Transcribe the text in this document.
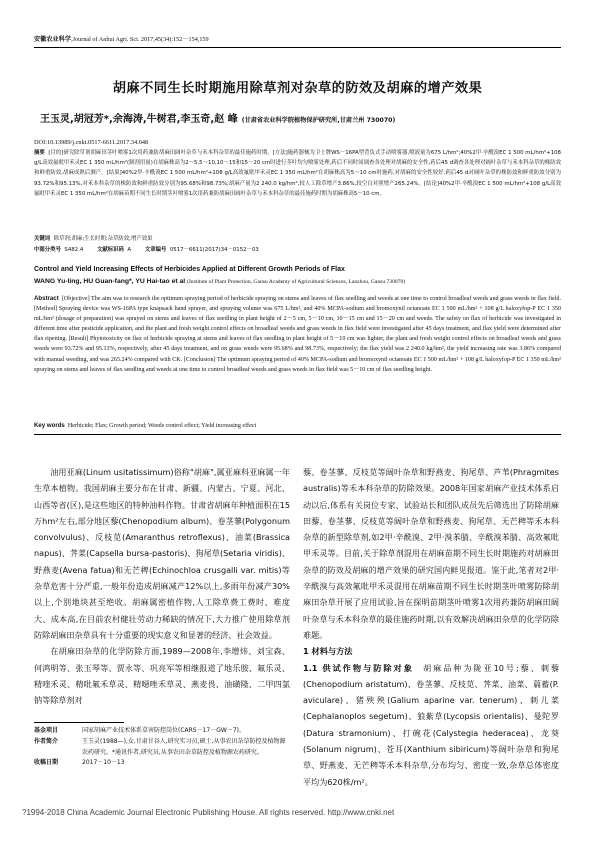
安徽农业科学,Journal of Anhui Agri. Sci. 2017,45(34):152－154,159
胡麻不同生长时期施用除草剂对杂草的防效及胡麻的增产效果
王玉灵,胡冠芳*,余海涛,牛树君,李玉奇,赵 峰 (甘肃省农业科学院植物保护研究所,甘肃兰州 730070)
DOI:10.13989/j.cnki.0517-6611.2017.34.048
摘要 [目的]研究除草剂胡麻田茎叶喷雾1次用药兼防胡麻田阔叶杂草与禾本科杂草的最佳施药时期。[方法]施药器械为卫士牌WS－16PA型背负式手动喷雾器,喷液量为675 L/hm²;40%2甲·辛酰溴EC 1 500 mL/hm²+108 g/L高效氟吡甲禾灵EC 1 350 mL/hm²(制剂用量)在胡麻株高为2～5,5～10,10～15和15～20 cm时进行茎叶均匀喷雾处理,药后不同时间调查各处理对胡麻的安全性,药后45 d调查各处理对阔叶杂草与禾本科杂草的株防效和鲜重防效,胡麻成熟后测产。[结果]40%2甲·辛酰溴EC 1 500 mL/hm²+108 g/L高效氟吡甲禾灵EC 1 350 mL/hm²在胡麻株高为5～10 cm时施药,对胡麻的安全性较好,药后45 d对阔叶杂草的株防效和鲜重防效分别为93.72%和95.13%,对禾本科杂草的株防效和鲜重防效分别为95.68%和98.73%;胡麻产量为2 240.0 kg/hm²,较人工除草增产3.86%,较空白对照增产265.24%。[结论]40%2甲·辛酰溴EC 1 500 mL/hm²+108 g/L高效氟吡甲禾灵EC 1 350 mL/hm²在胡麻苗期不同生长时期茎叶喷雾1次用药兼防胡麻田阔叶杂草与禾本科杂草的最佳施药时期为胡麻株高5～10 cm。
关键词 除草剂;胡麻;生长时期;杂草防效;增产效果
中图分类号 S482.4	文献标识码 A	文章编号 0517－6611(2017)34－0152－03
Control and Yield Increasing Effects of Herbicides Applied at Different Growth Periods of Flax
WANG Yu-ling, HU Guan-fang*, YU Hai-tao et al (Institute of Plant Protection, Gansu Academy of Agricultural Sciences, Lanzhou, Gansu 730070)
Abstract [Objective] The aim was to research the optimum spraying period of herbicide spraying on stems and leaves of flax seedling and weeds at one time to control broadleaf weeds and grass weeds in flax field. [Method] Spraying device was WS-16PA type knapsack hand sprayer, and spraying volume was 675 L/hm², and 40% MCPA-sodium and bromoxynil octanoate EC 1 500 mL/hm² + 108 g/L haloxyfop-P EC 1 350 mL/hm² (dosage of preparation) was sprayed on stems and leaves of flax seedling in plant height of 2－5 cm, 5－10 cm, 10－15 cm and 15－20 cm and weeds. The safety on flax of herbicide was investigated in different time after pesticide application, and the plant and fresh weight control effects on broadleaf weeds and grass weeds in flax field were investigated after 45 days treatment, and flax yield were determined after flax ripening. [Result] Phytotoxicity on flax of herbicide spraying at stems and leaves of flax seedling in plant height of 5－10 cm was lighter, the plant and fresh weight control effects on broadleaf weeds and grass weeds were 93.72% and 95.13%, respectively, after 45 days treatment, and on grass weeds were 95.68% and 98.73%, respectively; the flax yield was 2 240.0 kg/hm², the yield increasing rate was 3.86% compared with manual weeding, and was 265.24% compared with CK. [Conclusion] The optimum spraying period of 40% MCPA-sodium and bromoxynil octanoate EC 1 500 mL/hm² + 108 g/L haloxyfop-P EC 1 350 mL/hm² spraying on stems and leaves of flax seedling and weeds at one time to control broadleaf weeds and grass weeds in flax field was 5－10 cm of flax seedling height.
Key words Herbicide; Flax; Growth period; Weeds control effect; Yield increasing effect

油用亚麻(Linum usitatissimum)俗称"胡麻",属亚麻科亚麻属一年生草本植物。我国胡麻主要分布在甘肃、新疆、内蒙古、宁夏、河北、山西等省(区),是这些地区的特种油料作物。甘肃省胡麻年种植面积在15万hm²左右,部分地区藜(Chenopodium album)、卷茎蓼(Polygonum convolvulus)、反枝苋(Amaranthus retroflexus)、油菜(Brassica napus)、荠菜(Capsella bursa-pastoris)、狗尾草(Setaria viridis)、野燕麦(Avena fatua)和无芒稗(Echinochloa crusgalli var. mitis)等杂草危害十分严重,一般年份造成胡麻减产12%以上,多雨年份减产30%以上,个别地块甚至绝收。胡麻属密植作物,人工除草费工费时、难度大、成本高,在目前农村健壮劳动力稀缺的情况下,大力推广使用除草剂防除胡麻田杂草具有十分重要的现实意义和显著的经济、社会效益。

在胡麻田杂草的化学防除方面,1989—2008年,李增炜、刘宝森、何鸿明等、张玉琴等、贾永等、巩亮军等相继报道了地乐胺、氟乐灵、精喹禾灵、精吡氟禾草灵、精噁唑禾草灵、燕麦畏、油磺隆、二甲四氯钠等除草剂对

藜、卷茎蓼、反枝苋等阔叶杂草和野燕麦、狗尾草、芦苇(Phragmites australis)等禾本科杂草的防除效果。2008年国家胡麻产业技术体系启动以后,体系有关岗位专家、试验站长和团队成员先后筛选出了防除胡麻田藜、卷茎蓼、反枝苋等阔叶杂草和野燕麦、狗尾草、无芒稗等禾本科杂草的新型除草剂,如2甲·辛酰溴、2甲·溴苯腈、辛酰溴苯腈、高效氟吡甲禾灵等。目前,关于除草剂混用在胡麻苗期不同生长时期施药对胡麻田杂草的防效及胡麻的增产效果的研究国内鲜见报道。鉴于此,笔者对2甲·辛酰溴与高效氟吡甲禾灵混用在胡麻苗期不同生长时期茎叶喷雾防除胡麻田杂草开展了应用试验,旨在探明苗期茎叶喷雾1次用药兼防胡麻田阔叶杂草与禾本科杂草的最佳施药时期,以有效解决胡麻田杂草的化学防除难题。

1 材料与方法

1.1 供试作物与防除对象 胡麻品种为陇亚10号;藜、刺藜(Chenopodium aristatum)、卷茎蓼、反枝苋、荠菜、油菜、萹蓄(P. aviculare)、猪殃殃(Galium aparine var. tenerum)、刺儿菜(Cephalanoplos segetum)、狼紫草(Lycopsis orientalis)、曼陀罗(Datura stramonium)、打碗花(Calystegia hederacea)、龙葵(Solanum nigrum)、苍耳(Xanthium sibiricum)等阔叶杂草和狗尾草、野燕麦、无芒稗等禾本科杂草,分布均匀、密度一致,杂草总体密度平均为620株/m²。

基金项目	国家胡麻产业技术体系草害防控岗位(CARS－17－GW－7)。
作者简介	王玉灵(1988—),女,甘肃甘谷人,研究实习员,硕士,从事农田杂草防控及植物源农药研究。*通讯作者,研究员,从事农田杂草防控及植物源农药研究。
收稿日期	2017－10－13
?1994-2018 China Academic Journal Electronic Publishing House. All rights reserved. http://www.cnki.net
